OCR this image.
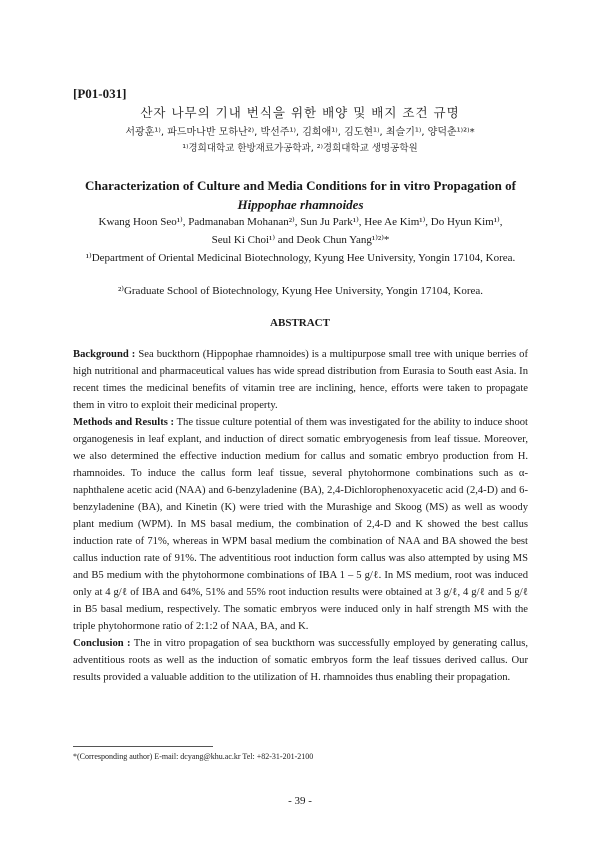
[P01-031]
산자 나무의 기내 번식을 위한 배양 및 배지 조건 규명
서광훈¹⁾, 파드마나반 모하난²⁾, 박선주¹⁾, 김희애¹⁾, 김도현¹⁾, 최슬기¹⁾, 양덕춘¹⁾²⁾*
¹⁾경희대학교 한방재료가공학과, ²⁾경희대학교 생명공학원
Characterization of Culture and Media Conditions for in vitro Propagation of
Hippophae rhamnoides
Kwang Hoon Seo¹⁾, Padmanaban Mohanan²⁾, Sun Ju Park¹⁾, Hee Ae Kim¹⁾, Do Hyun Kim¹⁾,
Seul Ki Choi¹⁾ and Deok Chun Yang¹⁾²⁾*
¹⁾Department of Oriental Medicinal Biotechnology, Kyung Hee University, Yongin 17104, Korea.
²⁾Graduate School of Biotechnology, Kyung Hee University, Yongin 17104, Korea.
ABSTRACT

Background : Sea buckthorn (Hippophae rhamnoides) is a multipurpose small tree with unique berries of high nutritional and pharmaceutical values has wide spread distribution from Eurasia to South east Asia. In recent times the medicinal benefits of vitamin tree are inclining, hence, efforts were taken to propagate them in vitro to exploit their medicinal property.

Methods and Results : The tissue culture potential of them was investigated for the ability to induce shoot organogenesis in leaf explant, and induction of direct somatic embryogenesis from leaf tissue. Moreover, we also determined the effective induction medium for callus and somatic embryo production from H. rhamnoides. To induce the callus form leaf tissue, several phytohormone combinations such as α-naphthalene acetic acid (NAA) and 6-benzyladenine (BA), 2,4-Dichlorophenoxyacetic acid (2,4-D) and 6-benzyladenine (BA), and Kinetin (K) were tried with the Murashige and Skoog (MS) as well as woody plant medium (WPM). In MS basal medium, the combination of 2,4-D and K showed the best callus induction rate of 71%, whereas in WPM basal medium the combination of NAA and BA showed the best callus induction rate of 91%. The adventitious root induction form callus was also attempted by using MS and B5 medium with the phytohormone combinations of IBA 1 ‒ 5 g/ℓ. In MS medium, root was induced only at 4 g/ℓ of IBA and 64%, 51% and 55% root induction results were obtained at 3 g/ℓ, 4 g/ℓ and 5 g/ℓ in B5 basal medium, respectively. The somatic embryos were induced only in half strength MS with the triple phytohormone ratio of 2:1:2 of NAA, BA, and K.

Conclusion : The in vitro propagation of sea buckthorn was successfully employed by generating callus, adventitious roots as well as the induction of somatic embryos form the leaf tissues derived callus. Our results provided a valuable addition to the utilization of H. rhamnoides thus enabling their propagation.

*(Corresponding author) E-mail: dcyang@khu.ac.kr Tel: +82-31-201-2100
- 39 -
